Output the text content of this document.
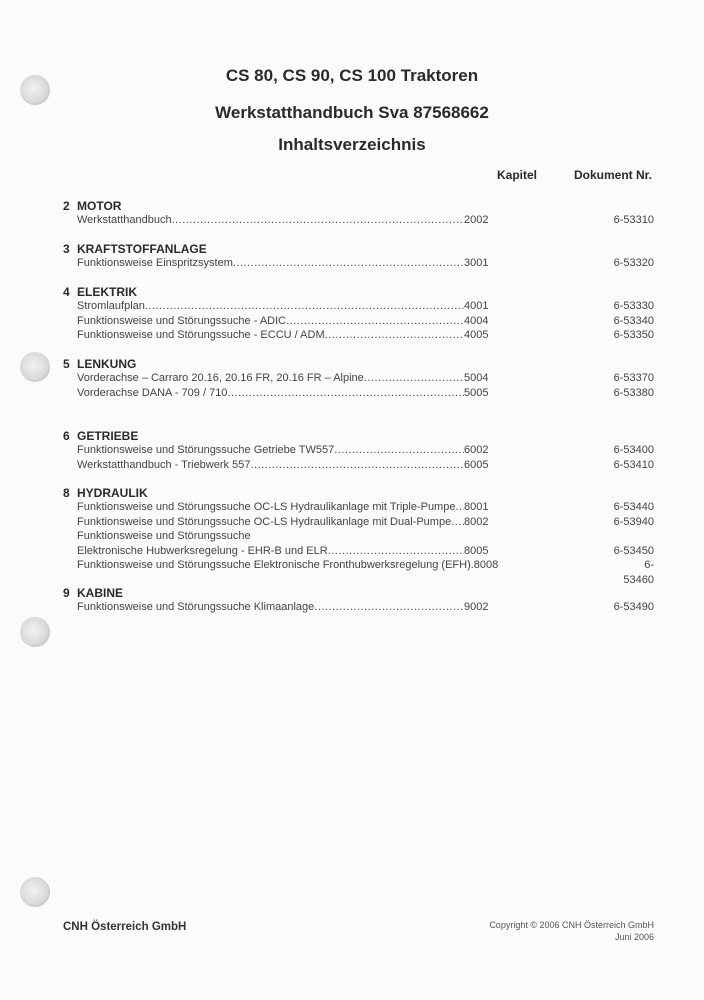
CS 80, CS 90, CS 100 Traktoren
Werkstatthandbuch Sva 87568662
Inhaltsverzeichnis
Kapitel	Dokument Nr.
2 MOTOR
Werkstatthandbuch .....	2002	6-53310
3 KRAFTSTOFFANLAGE
Funktionsweise Einspritzsystem .....	3001	6-53320
4 ELEKTRIK
Stromlaufplan .....	4001	6-53330
Funktionsweise und Störungssuche - ADIC .....	4004	6-53340
Funktionsweise und Störungssuche - ECCU / ADM .....	4005	6-53350
5 LENKUNG
Vorderachse – Carraro 20.16, 20.16 FR, 20.16 FR – Alpine .....	5004	6-53370
Vorderachse DANA - 709 / 710 .....	5005	6-53380
6 GETRIEBE
Funktionsweise und Störungssuche Getriebe TW557 .....	6002	6-53400
Werkstatthandbuch - Triebwerk 557 .....	6005	6-53410
8 HYDRAULIK
Funktionsweise und Störungssuche OC-LS Hydraulikanlage mit Triple-Pumpe ..... 8001	6-53440
Funktionsweise und Störungssuche OC-LS Hydraulikanlage mit Dual-Pumpe ..... 8002	6-53940
Funktionsweise und Störungssuche
Elektronische Hubwerksregelung - EHR-B und ELR .....	8005	6-53450
Funktionsweise und Störungssuche Elektronische Fronthubwerksregelung (EFH) .8008	6-53460
9 KABINE
Funktionsweise und Störungssuche Klimaanlage .....	9002	6-53490
CNH Österreich GmbH	Copyright © 2006 CNH Österreich GmbH
Juni 2006
